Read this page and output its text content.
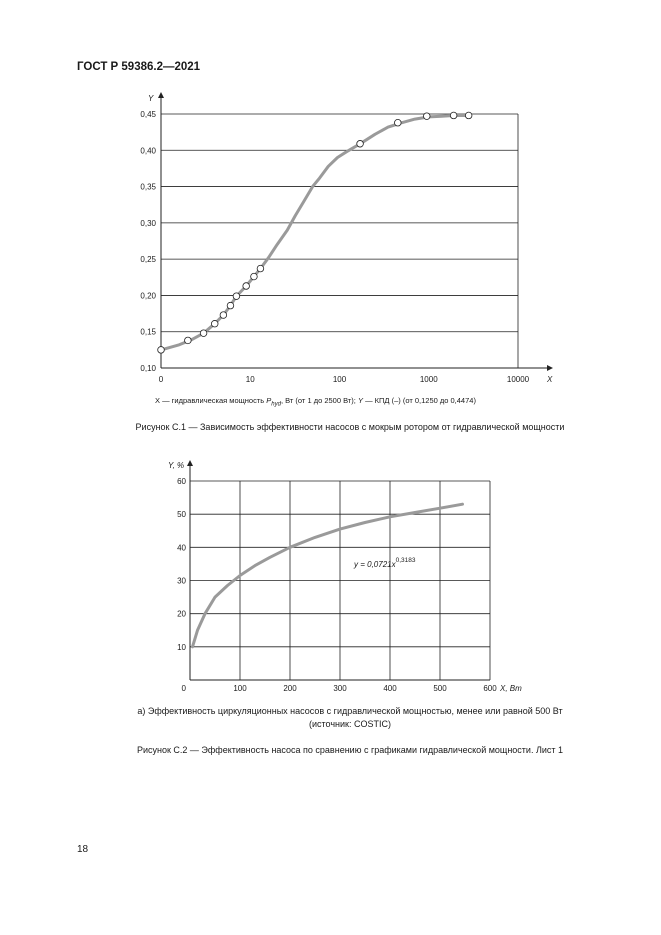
ГОСТ Р 59386.2—2021
0,10
0,15
0,20
0,25
0,30
0,35
0,40
0,45
0	10	100	1000	10000 X
Y
X — гидравлическая мощность $P_{hyd}$, Вт (от 1 до 2500 Вт); Y — КПД (–) (от 0,1250 до 0,4474)
Рисунок С.1 — Зависимость эффективности насосов с мокрым ротором от гидравлической мощности
10
20
30
40
50
60
0	100	200	300	400	500	600 X, Вт
Y, %
$y = 0,0721x^{0,3183}$
а) Эффективность циркуляционных насосов с гидравлической мощностью, менее или равной 500 Вт
(источник: COSTIC)
Рисунок С.2 — Эффективность насоса по сравнению с графиками гидравлической мощности. Лист 1
18
